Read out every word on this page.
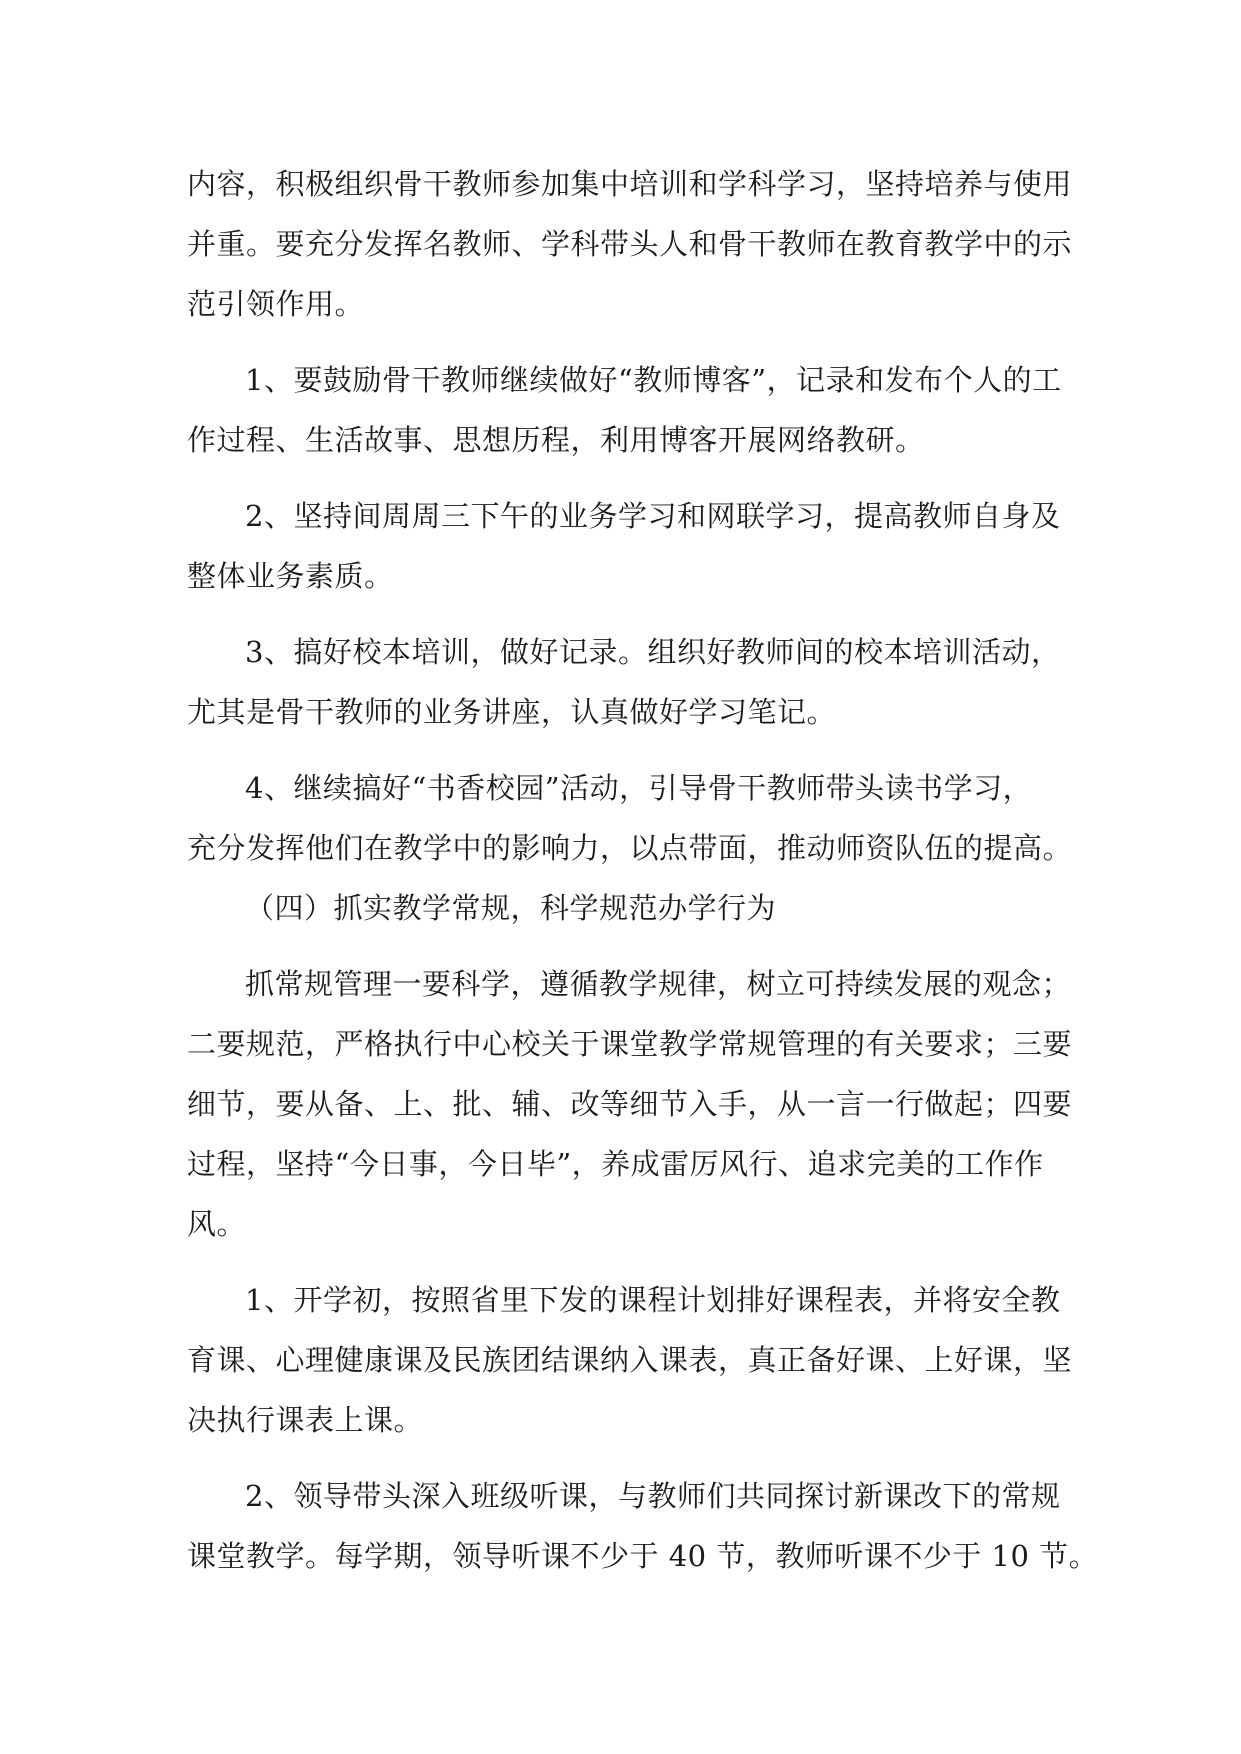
内容，积极组织骨干教师参加集中培训和学科学习，坚持培养与使用
并重。要充分发挥名教师、学科带头人和骨干教师在教育教学中的示
范引领作用。
1、要鼓励骨干教师继续做好“教师博客”，记录和发布个人的工
作过程、生活故事、思想历程，利用博客开展网络教研。
2、坚持间周周三下午的业务学习和网联学习，提高教师自身及
整体业务素质。
3、搞好校本培训，做好记录。组织好教师间的校本培训活动，
尤其是骨干教师的业务讲座，认真做好学习笔记。
4、继续搞好“书香校园”活动，引导骨干教师带头读书学习，
充分发挥他们在教学中的影响力，以点带面，推动师资队伍的提高。
（四）抓实教学常规，科学规范办学行为
抓常规管理一要科学，遵循教学规律，树立可持续发展的观念；
二要规范，严格执行中心校关于课堂教学常规管理的有关要求；三要
细节，要从备、上、批、辅、改等细节入手，从一言一行做起；四要
过程，坚持“今日事，今日毕”，养成雷厉风行、追求完美的工作作
风。
1、开学初，按照省里下发的课程计划排好课程表，并将安全教
育课、心理健康课及民族团结课纳入课表，真正备好课、上好课，坚
决执行课表上课。
2、领导带头深入班级听课，与教师们共同探讨新课改下的常规
课堂教学。每学期，领导听课不少于 40 节，教师听课不少于 10 节。
